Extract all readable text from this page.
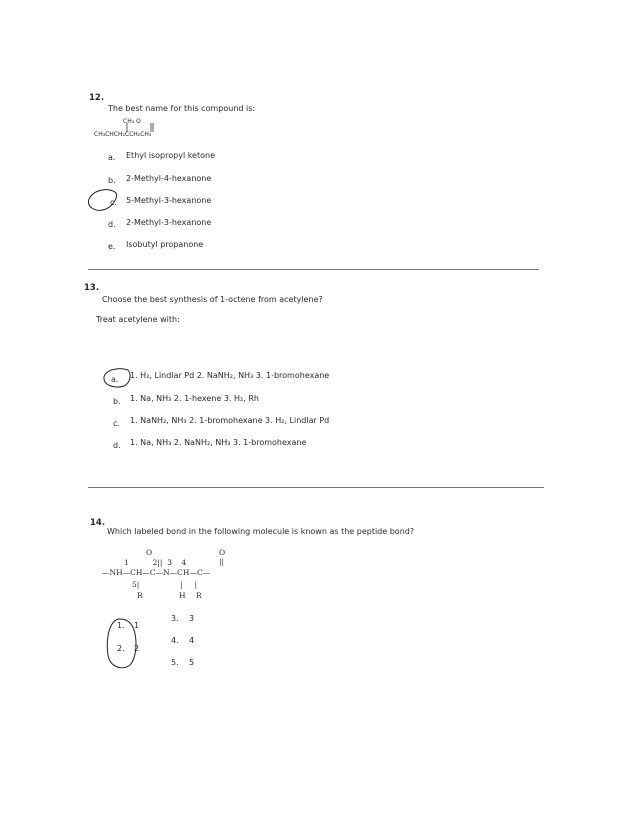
12.
The best name for this compound is:
CH₃ O
CH₃CHCH₂CCH₂CH₃
a. Ethyl isopropyl ketone
b. 2-Methyl-4-hexanone
c. 5-Methyl-3-hexanone
d. 2-Methyl-3-hexanone
e. Isobutyl propanone
13.
Choose the best synthesis of 1-octene from acetylene?
Treat acetylene with:
a. 1. H₂, Lindlar Pd 2. NaNH₂, NH₃ 3. 1-bromohexane
b. 1. Na, NH₃ 2. 1-hexene 3. H₂, Rh
c. 1. NaNH₂, NH₃ 2. 1-bromohexane 3. H₂, Lindlar Pd
d. 1. Na, NH₃ 2. NaNH₂, NH₃ 3. 1-bromohexane
14.
Which labeled bond in the following molecule is known as the peptide bond?
O	O
||
1          2||  3    4
—NH—CH—C—N—CH—C—
5|	|     |
R	H R
1. 1
2. 2
3. 3
4. 4
5. 5
